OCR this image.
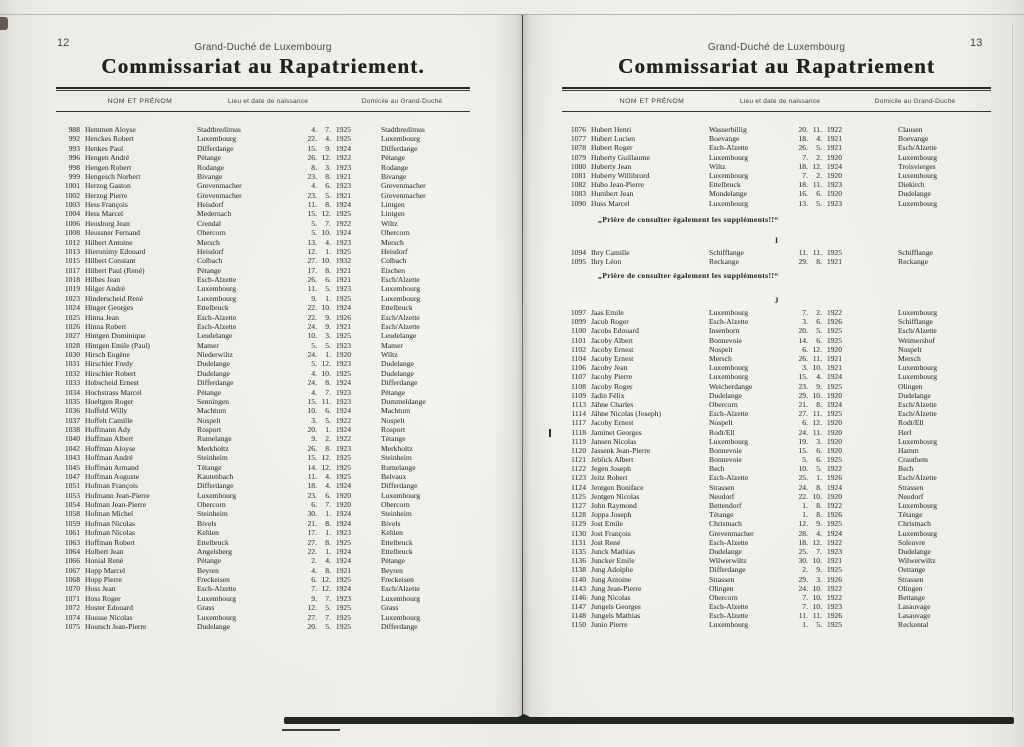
12	Grand-Duché de Luxembourg
Commissariat au Rapatriement.
NOM ET PRÉNOM	Lieu et date de naissance	Domicile au Grand-Duché
988 Hemmen Aloyse	Stadtbredimus	4.	7. 1925	Stadtbredimus
992 Henckes Robert	Luxembourg	22.	4. 1925	Luxembourg
993 Henkes Paul	Differdange	15.	9. 1924	Differdange
996 Hengen André	Pétange	26. 12. 1922	Pétange
998 Hengen Robert	Rodange	8.	3. 1923	Rodange
999 Hengesch Norbert	Bivange	23.	8. 1921	Bivange
1001 Herzog Gaston	Grevenmacher	4.	6. 1923	Grevenmacher
1002 Herzog Pierre	Grevenmacher	23.	5. 1921	Grevenmacher
1003 Hess François	Heisdorf	11.	8. 1924	Lintgen
1004 Hess Marcel	Medernach	15. 12. 1925	Lintgen
1006 Heusburg Jean	Crendal	5.	7. 1922	Wiltz
1008 Heussner Fernand	Obercorn	5. 10. 1924	Obercorn
1012 Hilbert Antoine	Mersch	13.	4. 1923	Mersch
1013 Hieronimy Edouard	Heisdorf	12.	1. 1925	Heisdorf
1015 Hilbert Constant	Colbach	27. 10. 1932	Colbach
1017 Hilbert Paul (René)	Pétange	17.	8. 1921	Eischen
1018 Hilbes Jean	Esch-Alzette	26.	6. 1921	Esch/Alzette
1019 Hilger André	Luxembourg	11.	5. 1923	Luxembourg
1023 Hinderscheid René	Luxembourg	9.	1. 1925	Luxembourg
1024 Hinger Georges	Ettelbruck	22. 10. 1924	Ettelbruck
1025 Hinna Jean	Esch-Alzette	22.	9. 1926	Esch/Alzette
1026 Hinna Robert	Esch-Alzette	24.	9. 1921	Esch/Alzette
1027 Hintgen Dominique	Leudelange	10.	3. 1925	Leudelange
1028 Hintgen Emile (Paul)	Mamer	5.	5. 1923	Mamer
1030 Hirsch Eugène	Niederwiltz	24.	1. 1920	Wiltz
1031 Hirschler Fredy	Dudelange	5. 12. 1923	Dudelange
1032 Hirschler Robert	Dudelange	4. 10. 1925	Dudelange
1033 Hobscheid Ernest	Differdange	24.	8. 1924	Differdange
1034 Hochstrass Marcel	Pétange	4.	7. 1923	Pétange
1035 Hoeltgen Roger	Senningen	15. 11. 1923	Dommeldange
1036 Hoffeld Willy	Machtum	10.	6. 1924	Machtum
1037 Hoffelt Camille	Nospelt	3.	5. 1922	Nospelt
1038 Hoffmann Ady	Rosport	20.	1. 1924	Rosport
1040 Hoffman Albert	Rumelange	9.	2. 1922	Tétange
1042 Hoffman Aloyse	Merkholtz	26.	8. 1923	Merkholtz
1043 Hoffman André	Steinheim	15. 12. 1925	Steinheim
1045 Hoffman Armand	Tétange	14. 12. 1925	Rumelange
1047 Hoffman Auguste	Kautenbach	11.	4. 1925	Belvaux
1051 Hofman François	Differdange	18.	4. 1924	Differdange
1053 Hofmann Jean-Pierre	Luxembourg	23.	6. 1920	Luxembourg
1054 Hofman Jean-Pierre	Obercorn	6.	7. 1920	Obercorn
1058 Hofman Michel	Steinheim	30.	1. 1924	Steinheim
1059 Hofman Nicolas	Bivels	21.	8. 1924	Bivels
1061 Hofman Nicolas	Kehlen	17.	1. 1923	Kehlen
1063 Hoffman Robert	Ettelbruck	27.	8. 1925	Ettelbruck
1064 Holbert Jean	Angelsberg	22.	1. 1924	Ettelbruck
1066 Honial René	Pétange	2.	4. 1924	Pétange
1067 Hopp Marcel	Beyren	4.	8. 1921	Beyren
1068 Hopp Pierre	Freckeisen	6. 12. 1925	Freckeisen
1070 Hoss Jean	Esch-Alzette	7. 12. 1924	Esch/Alzette
1071 Hoss Roger	Luxembourg	9.	7. 1923	Luxembourg
1072 Hoster Edouard	Grass	12.	5. 1925	Grass
1074 Housse Nicolas	Luxembourg	27.	7. 1925	Luxembourg
1075 Houtsch Jean-Pierre	Dudelange	20.	5. 1925	Differdange
13
Grand-Duché de Luxembourg
Commissariat au Rapatriement
NOM ET PRÉNOM	Lieu et date de naissance	Domicile au Grand-Duché
1076 Hubert Henri	Wasserbillig	20. 11. 1922	Clausen
1077 Hubert Lucien	Boevange	18.	4. 1921	Boevange
1078 Hubert Roger	Esch-Alzette	26.	5. 1921	Esch/Alzette
1079 Huberty Guillaume	Luxembourg	7.	2. 1920	Luxembourg
1080 Huberty Jean	Wiltz	18. 12. 1924	Troisvierges
1081 Huberty Willibrord	Luxembourg	7.	2. 1920	Luxembourg
1082 Hubo Jean-Pierre	Ettelbruck	18. 11. 1923	Diekirch
1083 Humbert Jean	Mondelange	16.	6. 1920	Dudelange
1090 Huss Marcel	Luxembourg	13.	5. 1923	Luxembourg
„Prière de consulter également les suppléments!!“
I
1094 Ihry Camille	Schifflange	11. 11. 1925	Schifflange
1095 Ihry Léon	Reckange	29.	8. 1921	Reckange
„Prière de consulter également les suppléments!!“
J
1097 Jaas Emile	Luxembourg	7.	2. 1922	Luxembourg
1099 Jacob Roger	Esch-Alzette	3.	6. 1926	Schifflange
1100 Jacobs Edouard	Insenborn	20.	5. 1925	Esch/Alzette
1101 Jacoby Albert	Bonnevoie	14.	6. 1925	Weimershof
1102 Jacoby Ernest	Nospelt	6. 12. 1920	Nospelt
1104 Jacoby Ernest	Mersch	26. 11. 1921	Mersch
1106 Jacoby Jean	Luxembourg	3. 10. 1921	Luxembourg
1107 Jacoby Pierre	Luxembourg	15.	4. 1924	Luxembourg
1108 Jacoby Roger	Weicherdange	23.	9. 1925	Olingen
1109 Jadin Félix	Dudelange	29. 10. 1920	Dudelange
1113 Jähne Charles	Obercorn	21.	8. 1924	Esch/Alzette
1114 Jähne Nicolas (Joseph)	Esch-Alzette	27. 11. 1925	Esch/Alzette
1117 Jacoby Ernest	Nospelt	6. 12. 1920	Rodt/Ell
1118 Jaminet Georges	Rodt/Ell	24. 11. 1920	Herl
1119 Jansen Nicolas	Luxembourg	19.	3. 1920	Luxembourg
1120 Jassenk Jean-Pierre	Bonnevoie	15.	6. 1920	Hamm
1121 Jeblick Albert	Bonnevoie	5.	6. 1925	Crauthem
1122 Jegen Joseph	Bech	10.	5. 1922	Bech
1123 Jeitz Robert	Esch-Alzette	25.	1. 1926	Esch/Alzette
1124 Jentgen Boniface	Strassen	24.	8. 1924	Strassen
1125 Jentgen Nicolas	Neudorf	22. 10. 1920	Neudorf
1127 John Raymond	Bettendorf	1.	8. 1922	Luxembourg
1128 Joppa Joseph	Tétange	1.	8. 1926	Tétange
1129 Jost Emile	Christnach	12.	9. 1925	Christnach
1130 Jost François	Grevenmacher	28.	4. 1924	Luxembourg
1131 Jost René	Esch-Alzette	18. 12. 1922	Soleuvre
1135 Junck Mathias	Dudelange	25.	7. 1923	Dudelange
1136 Juncker Emile	Wilwerwiltz	30. 10. 1921	Wilwerwiltz
1138 Jung Adolphe	Differdange	2.	9. 1925	Oettange
1140 Jung Antoine	Strassen	29.	3. 1926	Strassen
1143 Jung Jean-Pierre	Olingen	24. 10. 1922	Olingen
1146 Jung Nicolas	Obercorn	7. 10. 1922	Bettange
1147 Jungels Georges	Esch-Alzette	7. 10. 1923	Lasauvage
1148 Jungels Mathias	Esch-Alzette	11. 11. 1926	Lasauvage
1150 Junio Pierre	Luxembourg	1.	5. 1925	Reckental
